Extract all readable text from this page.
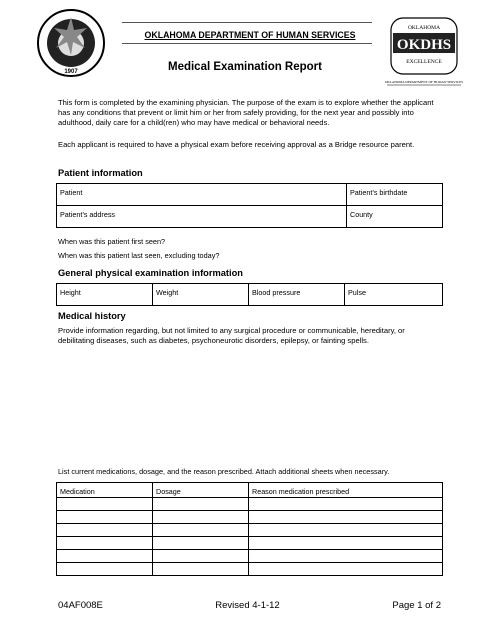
1907
OKLAHOMA DEPARTMENT OF HUMAN SERVICES
Medical Examination Report
OKLAHOMA
OKDHS
EXCELLENCE
OKLAHOMA DEPARTMENT OF HUMAN SERVICES
This form is completed by the examining physician. The purpose of the exam is to explore whether the applicant has any conditions that prevent or limit him or her from safely providing, for the next year and possibly into adulthood, daily care for a child(ren) who may have medical or behavioral needs.
Each applicant is required to have a physical exam before receiving approval as a Bridge resource parent.
Patient information
Patient	Patient’s birthdate
Patient’s address	County
When was this patient first seen?
When was this patient last seen, excluding today?
General physical examination information
Height	Weight	Blood pressure	Pulse
Medical history
Provide information regarding, but not limited to any surgical procedure or communicable, hereditary, or debilitating diseases, such as diabetes, psychoneurotic disorders, epilepsy, or fainting spells.
List current medications, dosage, and the reason prescribed. Attach additional sheets when necessary.
Medication	Dosage	Reason medication prescribed

04AF008E	Revised 4-1-12	Page 1 of 2
